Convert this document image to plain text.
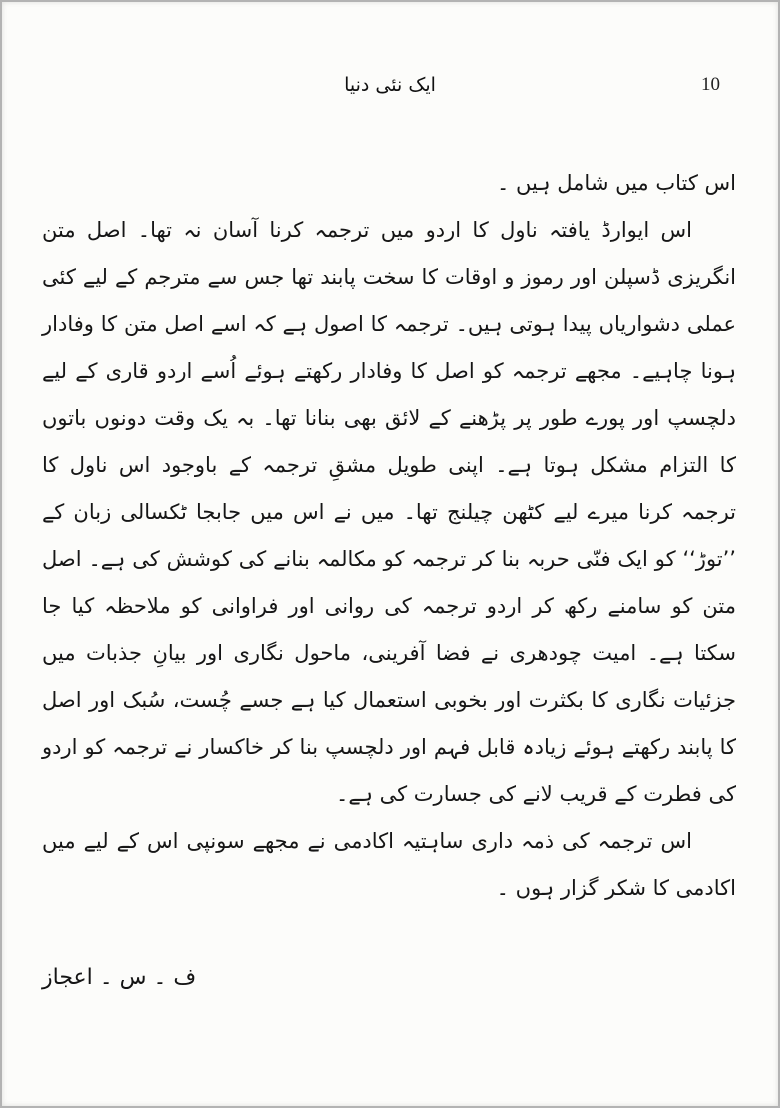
ایک نئی دنیا	10

اس کتاب میں شامل ہیں ۔

اس ایوارڈ یافتہ ناول کا اردو میں ترجمہ کرنا آسان نہ تھا۔ اصل متن انگریزی ڈسپلن اور رموز و اوقات کا سخت پابند تھا جس سے مترجم کے لیے کئی عملی دشواریاں پیدا ہوتی ہیں۔ ترجمہ کا اصول ہے کہ اسے اصل متن کا وفادار ہونا چاہیے۔ مجھے ترجمہ کو اصل کا وفادار رکھتے ہوئے اُسے اردو قاری کے لیے دلچسپ اور پورے طور پر پڑھنے کے لائق بھی بنانا تھا۔ بہ یک وقت دونوں باتوں کا التزام مشکل ہوتا ہے۔ اپنی طویل مشقِ ترجمہ کے باوجود اس ناول کا ترجمہ کرنا میرے لیے کٹھن چیلنج تھا۔ میں نے اس میں جابجا ٹکسالی زبان کے ’’توڑ‘‘ کو ایک فنّی حربہ بنا کر ترجمہ کو مکالمہ بنانے کی کوشش کی ہے۔ اصل متن کو سامنے رکھ کر اردو ترجمہ کی روانی اور فراوانی کو ملاحظہ کیا جا سکتا ہے۔ امیت چودھری نے فضا آفرینی، ماحول نگاری اور بیانِ جذبات میں جزئیات نگاری کا بکثرت اور بخوبی استعمال کیا ہے جسے چُست، سُبک اور اصل کا پابند رکھتے ہوئے زیادہ قابل فہم اور دلچسپ بنا کر خاکسار نے ترجمہ کو اردو کی فطرت کے قریب لانے کی جسارت کی ہے۔

اس ترجمہ کی ذمہ داری ساہتیہ اکادمی نے مجھے سونپی اس کے لیے میں اکادمی کا شکر گزار ہوں ۔

ف ۔ س ۔ اعجاز
